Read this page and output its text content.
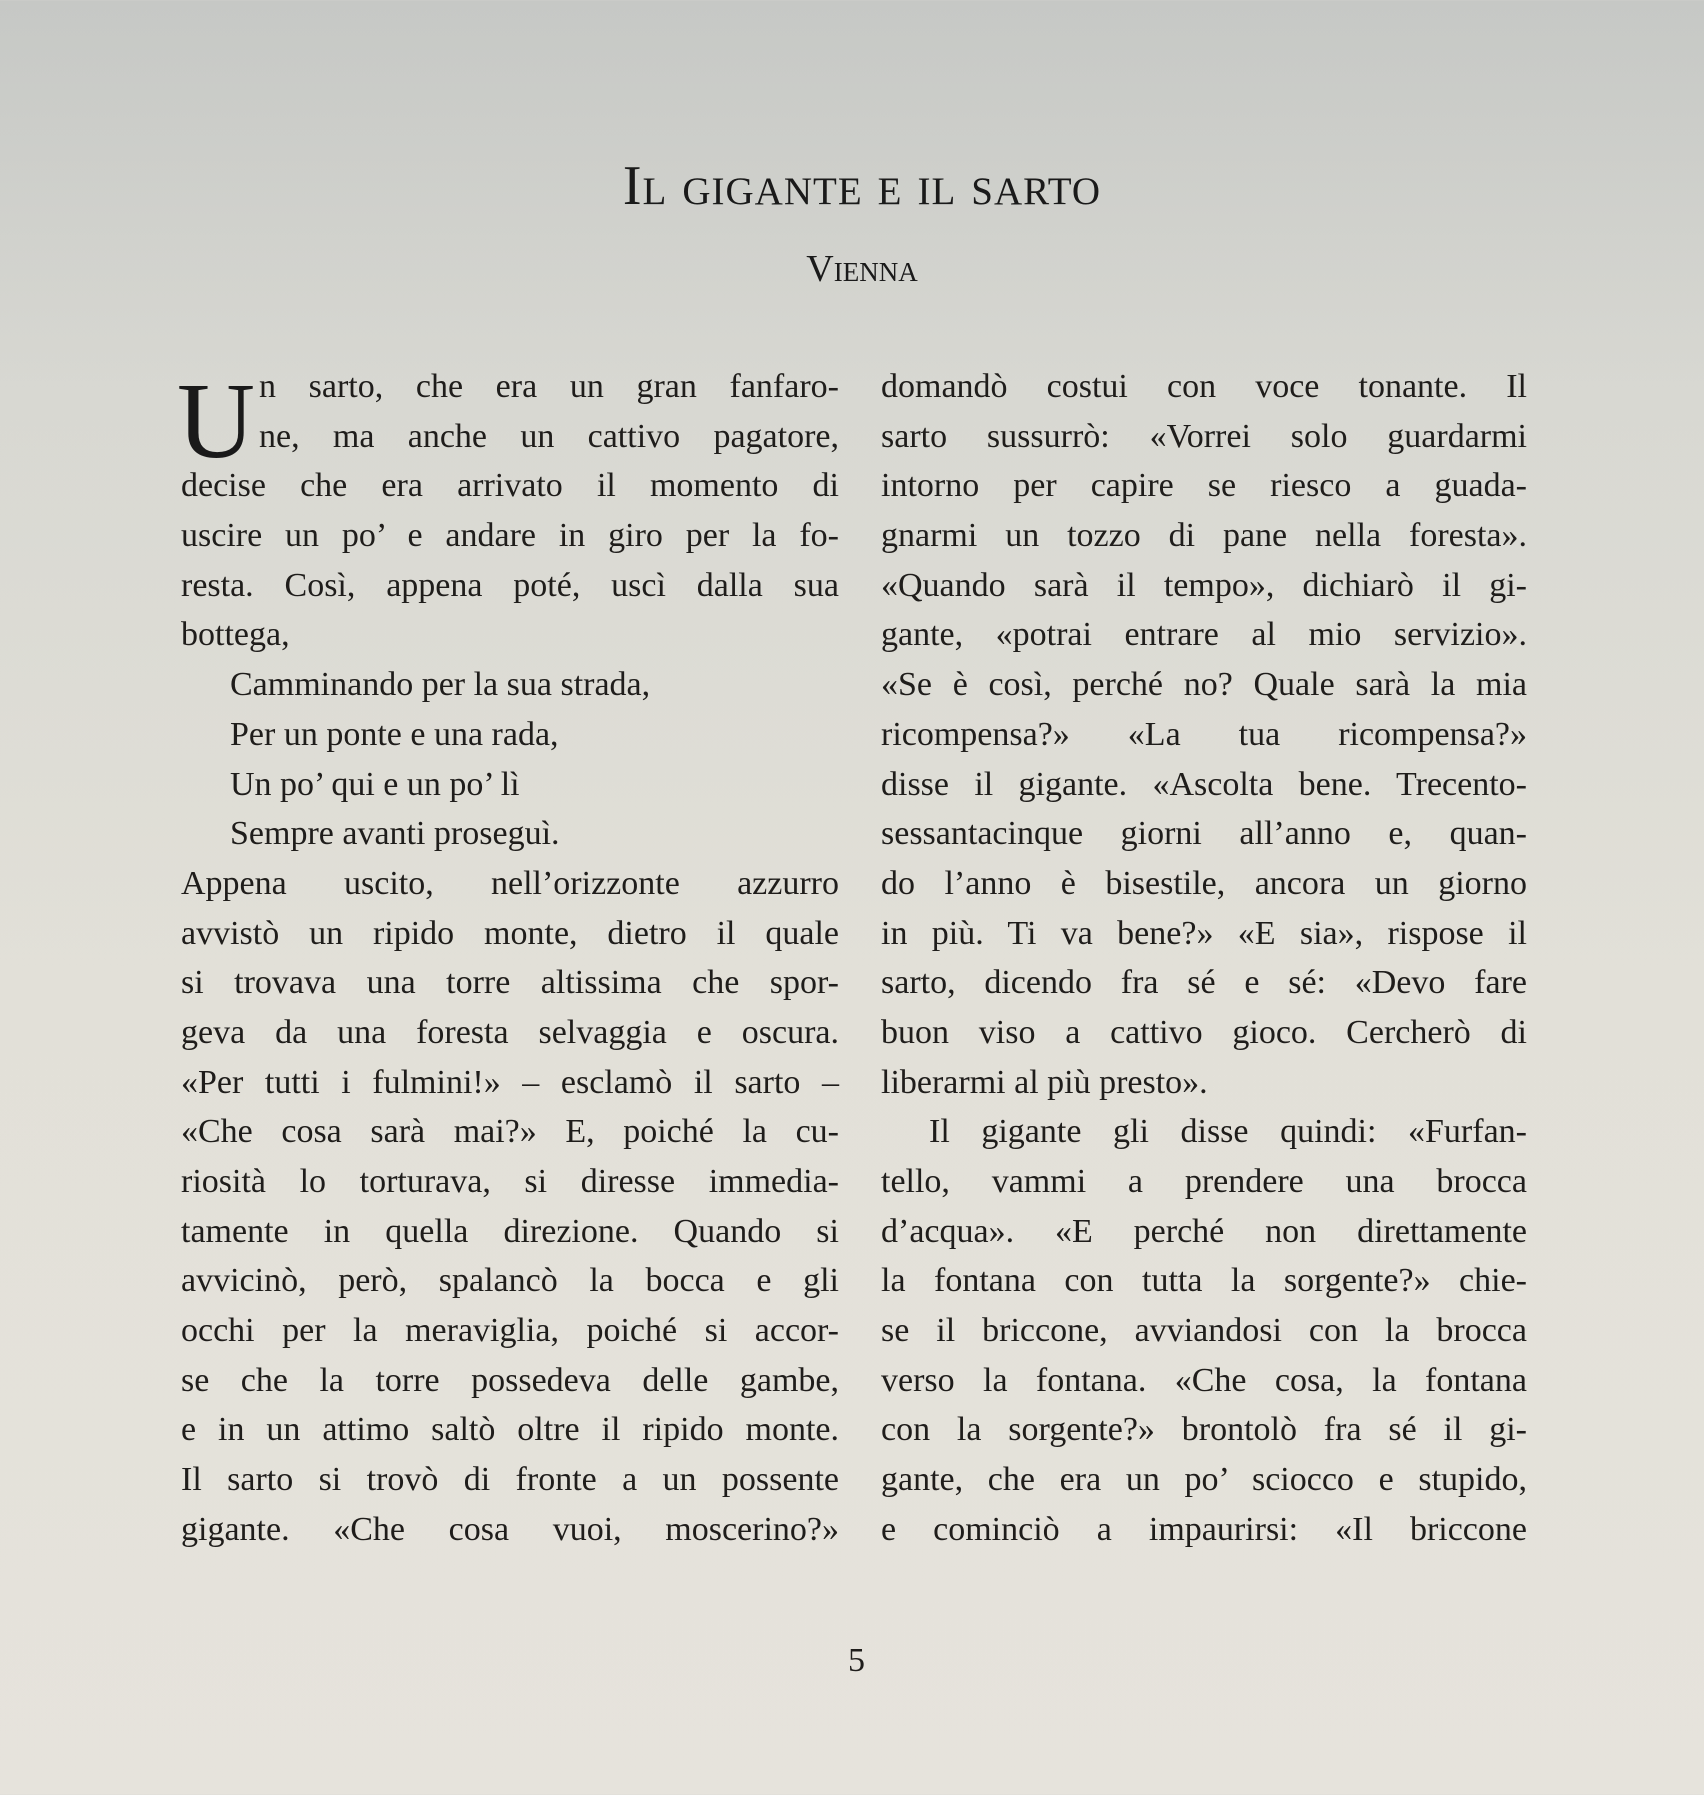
Il gigante e il sarto
Vienna
U n sarto, che era un gran fanfaro-
ne, ma anche un cattivo pagatore,
decise che era arrivato il momento di
uscire un po’ e andare in giro per la fo-
resta. Così, appena poté, uscì dalla sua
bottega,
Camminando per la sua strada,
Per un ponte e una rada,
Un po’ qui e un po’ lì
Sempre avanti proseguì.
Appena uscito, nell’orizzonte azzurro
avvistò un ripido monte, dietro il quale
si trovava una torre altissima che spor-
geva da una foresta selvaggia e oscura.
«Per tutti i fulmini!» – esclamò il sarto –
«Che cosa sarà mai?» E, poiché la cu-
riosità lo torturava, si diresse immedia-
tamente in quella direzione. Quando si
avvicinò, però, spalancò la bocca e gli
occhi per la meraviglia, poiché si accor-
se che la torre possedeva delle gambe,
e in un attimo saltò oltre il ripido monte.
Il sarto si trovò di fronte a un possente
gigante. «Che cosa vuoi, moscerino?»
domandò costui con voce tonante. Il
sarto sussurrò: «Vorrei solo guardarmi
intorno per capire se riesco a guada-
gnarmi un tozzo di pane nella foresta».
«Quando sarà il tempo», dichiarò il gi-
gante, «potrai entrare al mio servizio».
«Se è così, perché no? Quale sarà la mia
ricompensa?» «La tua ricompensa?»
disse il gigante. «Ascolta bene. Trecento-
sessantacinque giorni all’anno e, quan-
do l’anno è bisestile, ancora un giorno
in più. Ti va bene?» «E sia», rispose il
sarto, dicendo fra sé e sé: «Devo fare
buon viso a cattivo gioco. Cercherò di
liberarmi al più presto».
Il gigante gli disse quindi: «Furfan-
tello, vammi a prendere una brocca
d’acqua». «E perché non direttamente
la fontana con tutta la sorgente?» chie-
se il briccone, avviandosi con la brocca
verso la fontana. «Che cosa, la fontana
con la sorgente?» brontolò fra sé il gi-
gante, che era un po’ sciocco e stupido,
e cominciò a impaurirsi: «Il briccone
5
